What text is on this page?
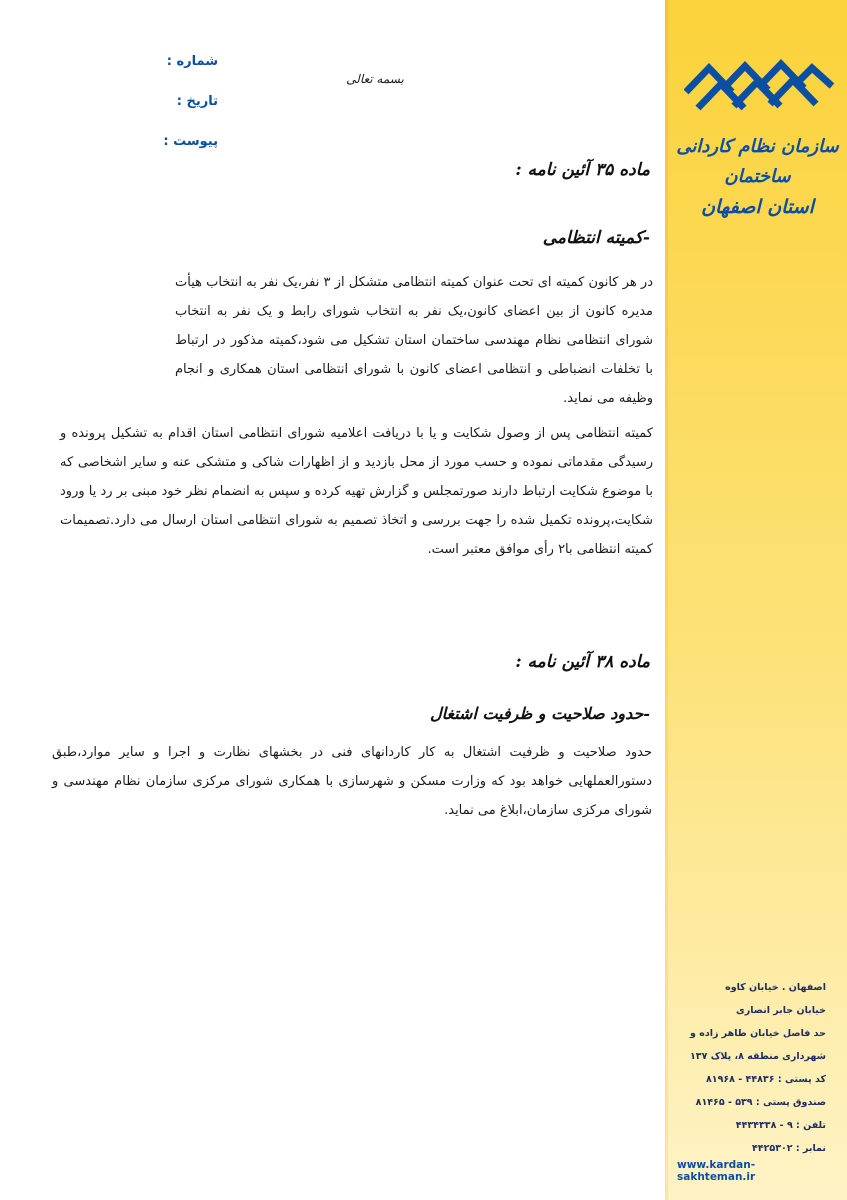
سازمان نظام کاردانی ساختمان
استان اصفهان
شماره :
تاریخ :
پیوست :
بسمه تعالی
ماده ۳۵ آئین نامه :
-کمیته انتظامی
در هر کانون کمیته ای تحت عنوان کمیته انتظامی متشکل از ۳ نفر،یک نفر به انتخاب هیأت مدیره کانون از بین اعضای کانون،یک نفر به انتخاب شورای رابط و یک نفر به انتخاب شورای انتظامی نظام مهندسی ساختمان استان تشکیل می شود،کمیته مذکور در ارتباط با تخلفات انضباطی و انتظامی اعضای کانون با شورای انتظامی استان همکاری و انجام وظیفه می نماید.
کمیته انتظامی پس از وصول شکایت و یا با دریافت اعلامیه شورای انتظامی استان اقدام به تشکیل پرونده و رسیدگی مقدماتی نموده و حسب مورد از محل بازدید و از اظهارات شاکی و متشکی عنه و سایر اشخاصی که با موضوع شکایت ارتباط دارند صورتمجلس و گزارش تهیه کرده و سپس به انضمام نظر خود مبنی بر رد یا ورود شکایت،پرونده تکمیل شده را جهت بررسی و اتخاذ تصمیم به شورای انتظامی استان ارسال می دارد.تصمیمات کمیته انتظامی با۲ رأی موافق معتبر است.
ماده ۳۸ آئین نامه :
-حدود صلاحیت و ظرفیت اشتغال
حدود صلاحیت و ظرفیت اشتغال به کار کاردانهای فنی در بخشهای نظارت و اجرا و سایر موارد،طبق دستورالعملهایی خواهد بود که وزارت مسکن و شهرسازی با همکاری شورای مرکزی سازمان نظام مهندسی و شورای مرکزی سازمان،ابلاغ می نماید.
اصفهان . خیابان کاوه
خیابان جابر انصاری
حد فاصل خیابان طاهر زاده و
شهرداری منطقه ۸، پلاک ۱۳۷
کد پستی : ۴۴۸۳۶ - ۸۱۹۶۸
صندوق پستی : ۵۳۹ - ۸۱۴۶۵
تلفن : ۹ - ۴۴۳۴۳۳۸
نمابر : ۴۴۲۵۳۰۲
www.kardan-sakhteman.ir
